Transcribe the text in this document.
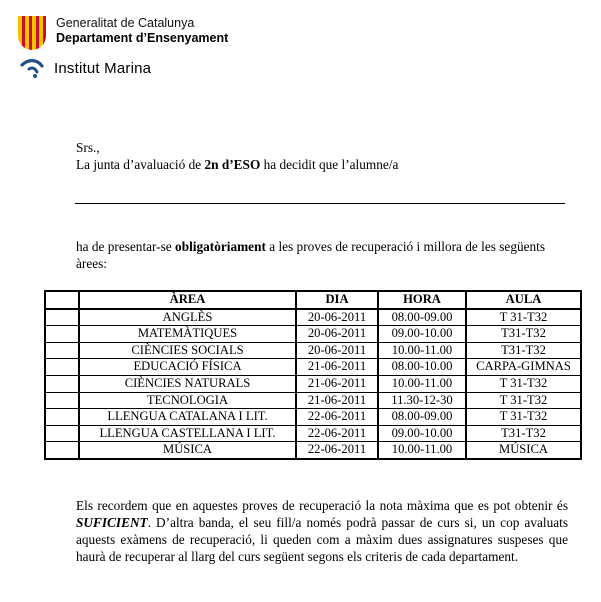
Generalitat de Catalunya
Departament d’Ensenyament
Institut Marina
Srs.,
La junta d’avaluació de 2n d’ESO ha decidit que l’alumne/a
ha de presentar-se obligatòriament a les proves de recuperació i millora de les següents àrees:
	ÀREA	DIA	HORA	AULA
	ANGLÈS	20-06-2011	08.00-09.00	T 31-T32
	MATEMÀTIQUES	20-06-2011	09.00-10.00	T31-T32
	CIÈNCIES SOCIALS	20-06-2011	10.00-11.00	T31-T32
	EDUCACIÓ FÍSICA	21-06-2011	08.00-10.00	CARPA-GIMNAS
	CIÈNCIES NATURALS	21-06-2011	10.00-11.00	T 31-T32
	TECNOLOGIA	21-06-2011	11.30-12-30	T 31-T32
	LLENGUA CATALANA I LIT.	22-06-2011	08.00-09.00	T 31-T32
	LLENGUA CASTELLANA I LIT.	22-06-2011	09.00-10.00	T31-T32
	MÚSICA	22-06-2011	10.00-11.00	MÚSICA
Els recordem que en aquestes proves de recuperació la nota màxima que es pot obtenir és SUFICIENT. D’altra banda, el seu fill/a només podrà passar de curs si, un cop avaluats aquests exàmens de recuperació, li queden com a màxim dues assignatures suspeses que haurà de recuperar al llarg del curs següent segons els criteris de cada departament.
